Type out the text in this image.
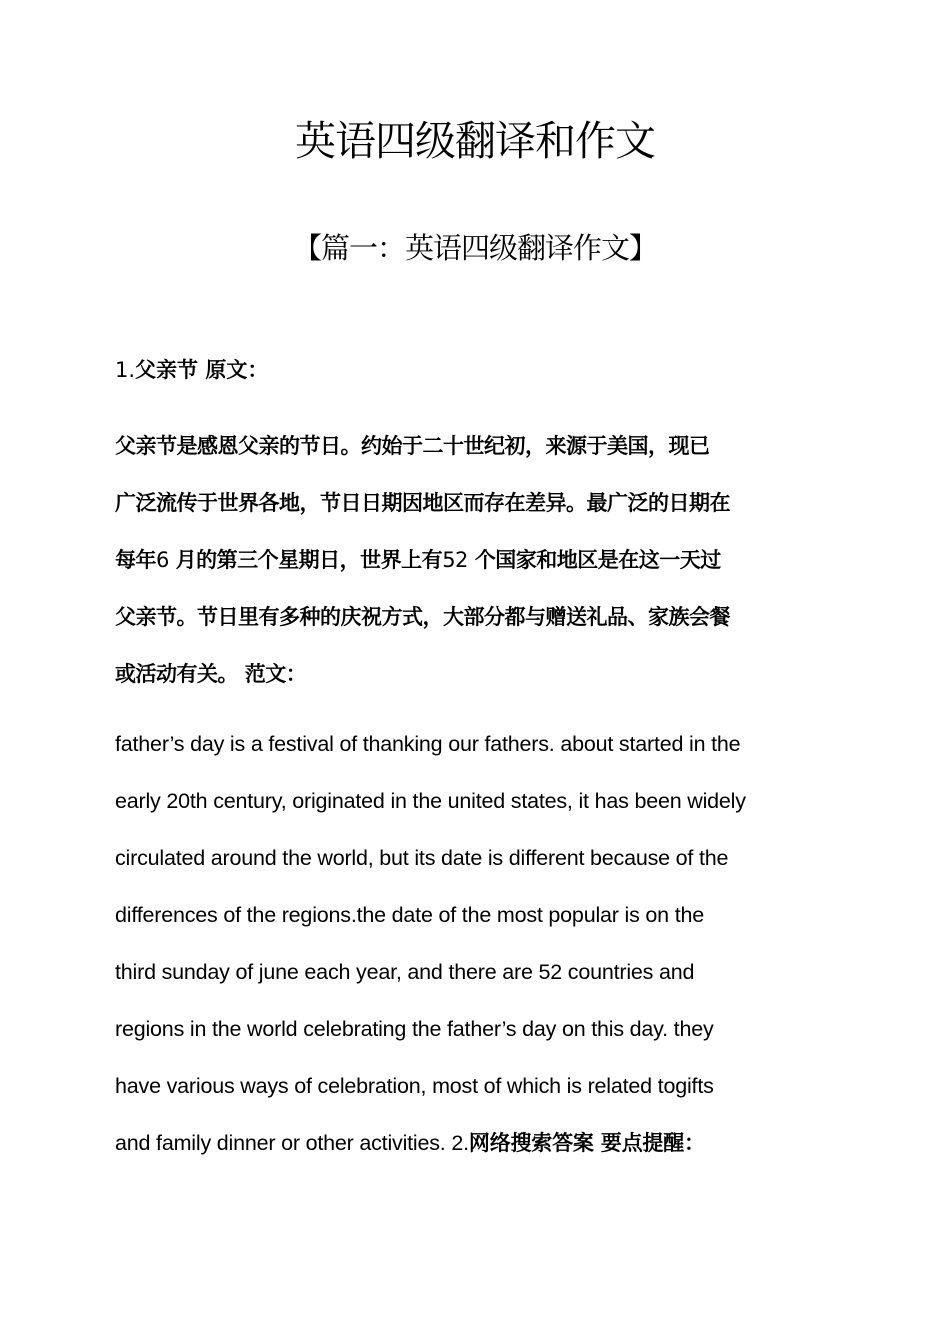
英语四级翻译和作文
【篇一：英语四级翻译作文】
1.父亲节 原文：
父亲节是感恩父亲的节日。约始于二十世纪初，来源于美国，现已
广泛流传于世界各地，节日日期因地区而存在差异。最广泛的日期在
每年6 月的第三个星期日，世界上有52 个国家和地区是在这一天过
父亲节。节日里有多种的庆祝方式，大部分都与赠送礼品、家族会餐
或活动有关。 范文：
father’s day is a festival of thanking our fathers. about started in the
early 20th century, originated in the united states, it has been widely
circulated around the world, but its date is different because of the
differences of the regions.the date of the most popular is on the
third sunday of june each year, and there are 52 countries and
regions in the world celebrating the father’s day on this day. they
have various ways of celebration, most of which is related togifts
and family dinner or other activities. 2.网络搜索答案 要点提醒：
